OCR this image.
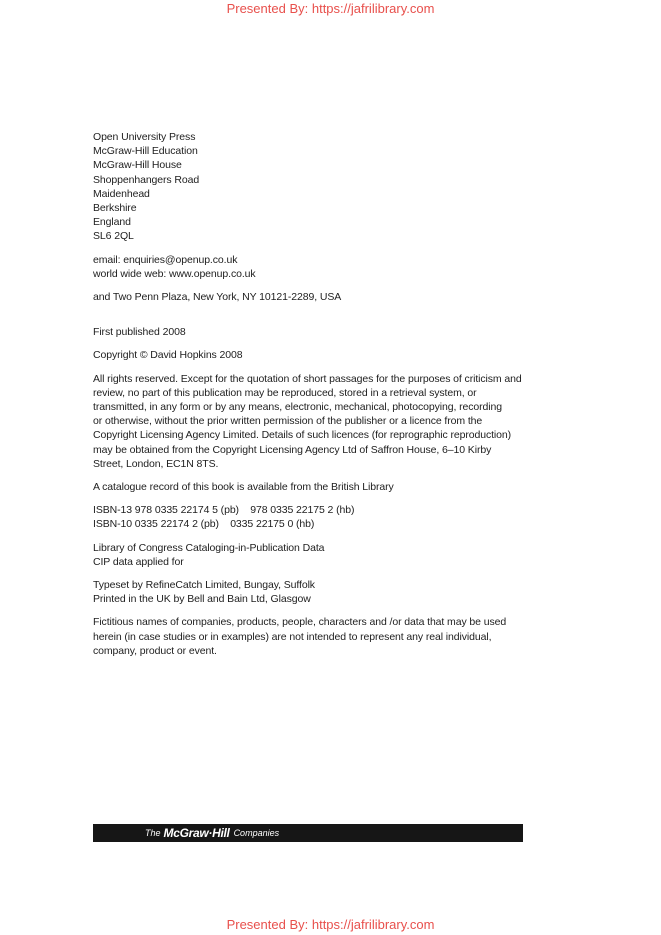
Presented By: https://jafrilibrary.com
Open University Press
McGraw-Hill Education
McGraw-Hill House
Shoppenhangers Road
Maidenhead
Berkshire
England
SL6 2QL
email: enquiries@openup.co.uk
world wide web: www.openup.co.uk
and Two Penn Plaza, New York, NY 10121-2289, USA
First published 2008
Copyright © David Hopkins 2008
All rights reserved. Except for the quotation of short passages for the purposes of criticism and
review, no part of this publication may be reproduced, stored in a retrieval system, or
transmitted, in any form or by any means, electronic, mechanical, photocopying, recording
or otherwise, without the prior written permission of the publisher or a licence from the
Copyright Licensing Agency Limited. Details of such licences (for reprographic reproduction)
may be obtained from the Copyright Licensing Agency Ltd of Saffron House, 6–10 Kirby
Street, London, EC1N 8TS.
A catalogue record of this book is available from the British Library
ISBN-13 978 0335 22174 5 (pb)    978 0335 22175 2 (hb)
ISBN-10 0335 22174 2 (pb)    0335 22175 0 (hb)
Library of Congress Cataloging-in-Publication Data
CIP data applied for
Typeset by RefineCatch Limited, Bungay, Suffolk
Printed in the UK by Bell and Bain Ltd, Glasgow
Fictitious names of companies, products, people, characters and /or data that may be used
herein (in case studies or in examples) are not intended to represent any real individual,
company, product or event.
The McGraw·Hill Companies
Presented By: https://jafrilibrary.com
